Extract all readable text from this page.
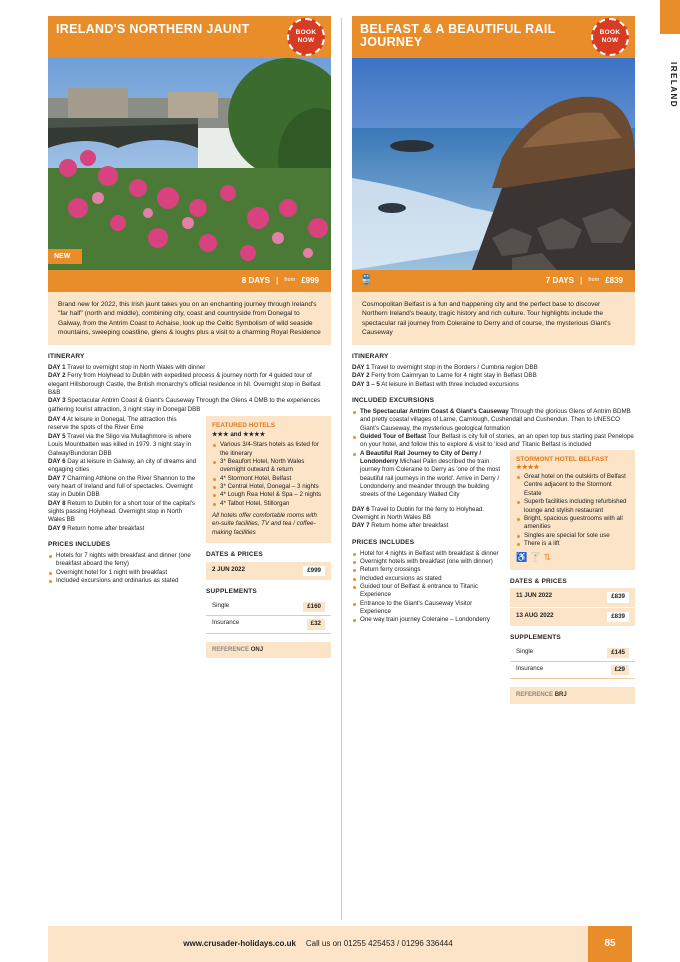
IRELAND'S NORTHERN JAUNT	BOOK NOW
NEW
8 DAYS | from £999
Brand new for 2022, this Irish jaunt takes you on an enchanting journey through Ireland's "far half" (north and middle), combining city, coast and countryside from Donegal to Galway, from the Antrim Coast to Achaise, look up the Celtic Symbolism of wild seaside mountains, sweeping coastline, glens & loughs plus a visit to a charming Royal Residence
ITINERARY
DAY 1 Travel to overnight stop in North Wales with dinner
DAY 2 Ferry from Holyhead to Dublin with expedited process & journey north for 4 guided tour of elegant Hillsborough Castle, the British monarchy's official residence in NI. Overnight stop in Belfast B&B
DAY 3 Spectacular Antrim Coast & Giant's Causeway Through the Glens 4 DMB to the experiences gathering tourist attraction, 3 night stay in Donegal DBB
DAY 4 At leisure in Donegal, The attraction this reserve the spots of the River Erne
DAY 5 Travel via the Sligo via Mullaghmore is where Louis Mountbatten was killed in 1979. 3 night stay in Galway/Bundoran DBB
DAY 6 Day at leisure in Galway, an city of dreams and engaging cities
DAY 7 Charming Athlone on the River Shannon to the very heart of Ireland and full of spectacles. Overnight stay in Dublin DBB
DAY 8 Return to Dublin for a short tour of the capital's sights passing Holyhead. Overnight stop in North Wales BB
DAY 9 Return home after breakfast
PRICES INCLUDES
Hotels for 7 nights with breakfast and dinner (one breakfast aboard the ferry)
Overnight hotel for 1 night with breakfast
Included excursions and ordinarius as stated
FEATURED HOTELS
★★★ and ★★★★
Various 3/4-Stars hotels as listed for the itinerary
3* Beaufort Hotel, North Wales overnight outward & return
4* Stormont Hotel, Belfast
3* Central Hotel, Donegal – 3 nights
4* Lough Rea Hotel & Spa – 2 nights
4* Talbot Hotel, Stillorgan
All hotels offer comfortable rooms with en-suite facilities, TV and tea / coffee-making facilities
DATES & PRICES
2 JUN 2022	£999
SUPPLEMENTS
Single	£160
Insurance	£32
REFERENCE ONJ
BELFAST & A BEAUTIFUL RAIL JOURNEY
BOOK NOW
🚆	7 DAYS | from £839
Cosmopolitan Belfast is a fun and happening city and the perfect base to discover Northern Ireland's beauty, tragic history and rich culture. Tour highlights include the spectacular rail journey from Coleraine to Derry and of course, the mysterious Giant's Causeway
ITINERARY
DAY 1 Travel to overnight stop in the Borders / Cumbria region DBB
DAY 2 Ferry from Cairnryan to Larne for 4 night stay in Belfast DBB
DAY 3 – 5 At leisure in Belfast with three included excursions
INCLUDED EXCURSIONS
The Spectacular Antrim Coast & Giant's Causeway Through the glorious Glens of Antrim BDMB and pretty coastal villages of Larne, Carnlough, Cushendall and Cushendun. Then to UNESCO Giant's Causeway, the mysterious geological formation
Guided Tour of Belfast Tour Belfast is city full of stories, an an open top bus starting past Penelope on your hotel, and follow this to explore & visit to 'Iced and' Titanic Belfast is included
A Beautiful Rail Journey to City of Derry / Londonderry Michael Palin described the train journey from Coleraine to Derry as 'one of the most beautiful rail journeys in the world'. Arrive in Derry / Londonderry and meander through the building streets of the Legendary Walled City
DAY 6 Travel to Dublin for the ferry to Holyhead. Overnight in North Wales BB
DAY 7 Return home after breakfast
PRICES INCLUDES
Hotel for 4 nights in Belfast with breakfast & dinner
Overnight hotels with breakfast (one with dinner)
Return ferry crossings
Included excursions as stated
Guided tour of Belfast & entrance to Titanic Experience
Entrance to the Giant's Causeway Visitor Experience
One way train journey Coleraine – Londonderry
STORMONT HOTEL BELFAST ★★★★
Great hotel on the outskirts of Belfast Centre adjacent to the Stormont Estate
Superb facilities including refurbished lounge and stylish restaurant
Bright, spacious guestrooms with all amenities
Singles are special for sole use
There is a lift
♿ 🍸 ⇅
DATES & PRICES
11 JUN 2022	£839
13 AUG 2022	£839
SUPPLEMENTS
Single	£145
Insurance	£29
REFERENCE BRJ
IRELAND
www.crusader-holidays.co.uk Call us on 01255 425453 / 01296 336444	85
